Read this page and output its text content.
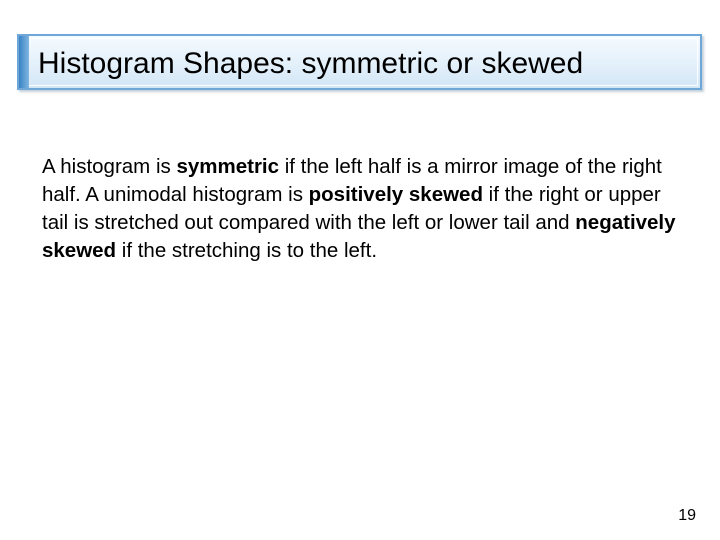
Histogram Shapes: symmetric or skewed

A histogram is symmetric if the left half is a mirror image of the right half. A unimodal histogram is positively skewed if the right or upper tail is stretched out compared with the left or lower tail and negatively skewed if the stretching is to the left.

19
